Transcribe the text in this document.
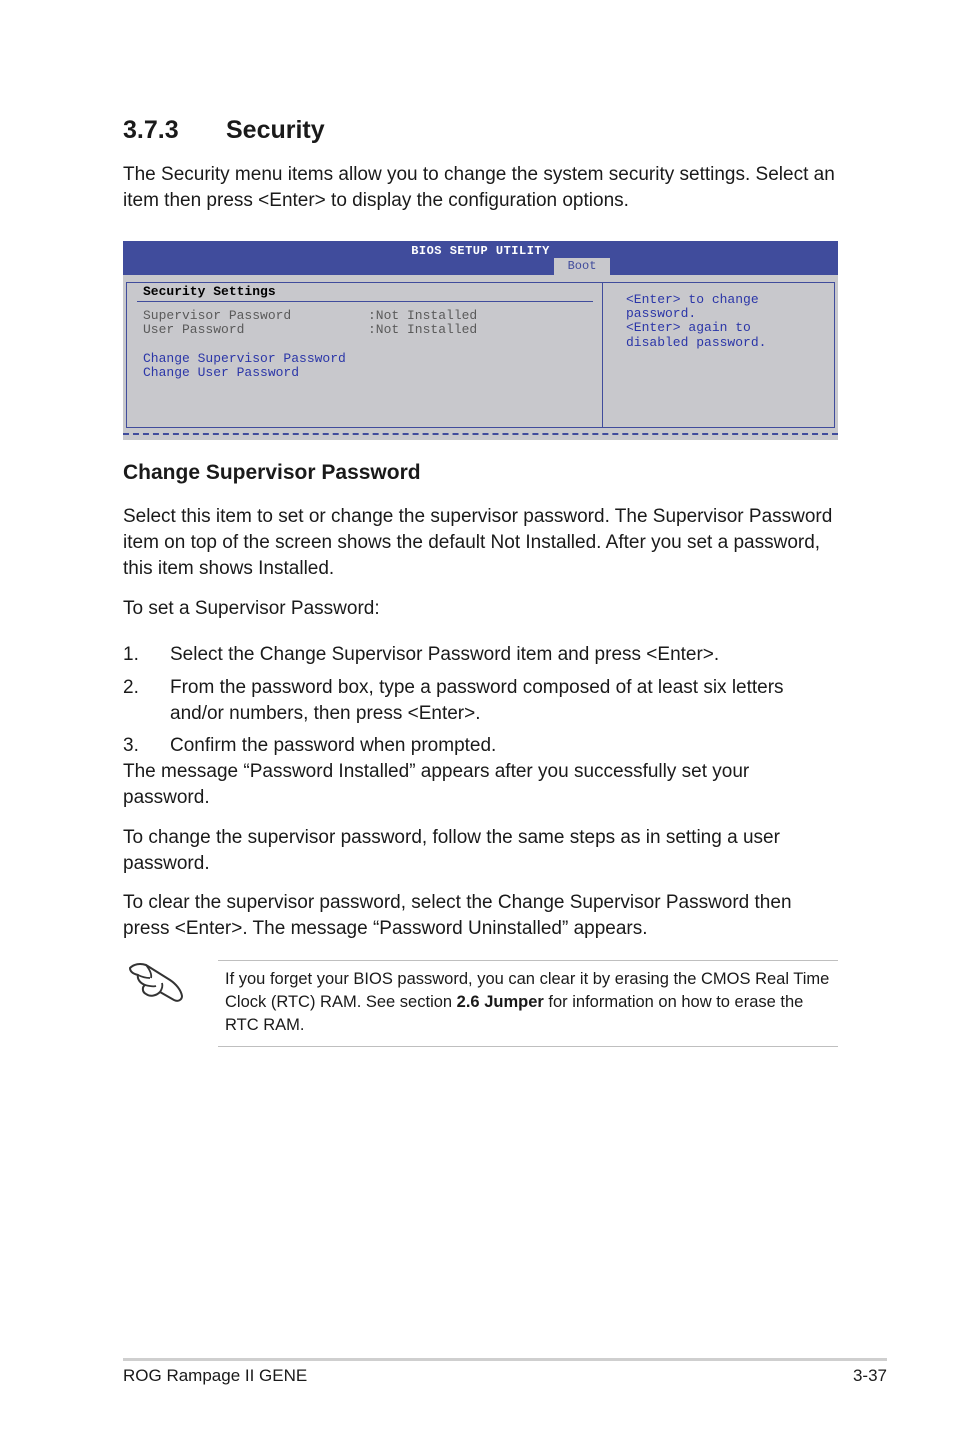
3.7.3 Security

The Security menu items allow you to change the system security settings. Select an item then press <Enter> to display the configuration options.

BIOS SETUP UTILITY
Boot
Security Settings
Supervisor Password	:Not Installed
User Password	:Not Installed
Change Supervisor Password
Change User Password
<Enter> to change
password.
<Enter> again to
disabled password.
Change Supervisor Password

Select this item to set or change the supervisor password. The Supervisor Password item on top of the screen shows the default Not Installed. After you set a password, this item shows Installed.

To set a Supervisor Password:

1. Select the Change Supervisor Password item and press <Enter>.
2.	From the password box, type a password composed of at least six letters and/or numbers, then press <Enter>.
3. Confirm the password when prompted.

The message “Password Installed” appears after you successfully set your password.

To change the supervisor password, follow the same steps as in setting a user password.

To clear the supervisor password, select the Change Supervisor Password then press <Enter>. The message “Password Uninstalled” appears.

If you forget your BIOS password, you can clear it by erasing the CMOS Real Time Clock (RTC) RAM. See section 2.6 Jumper for information on how to erase the RTC RAM.

ROG Rampage II GENE	3-37
